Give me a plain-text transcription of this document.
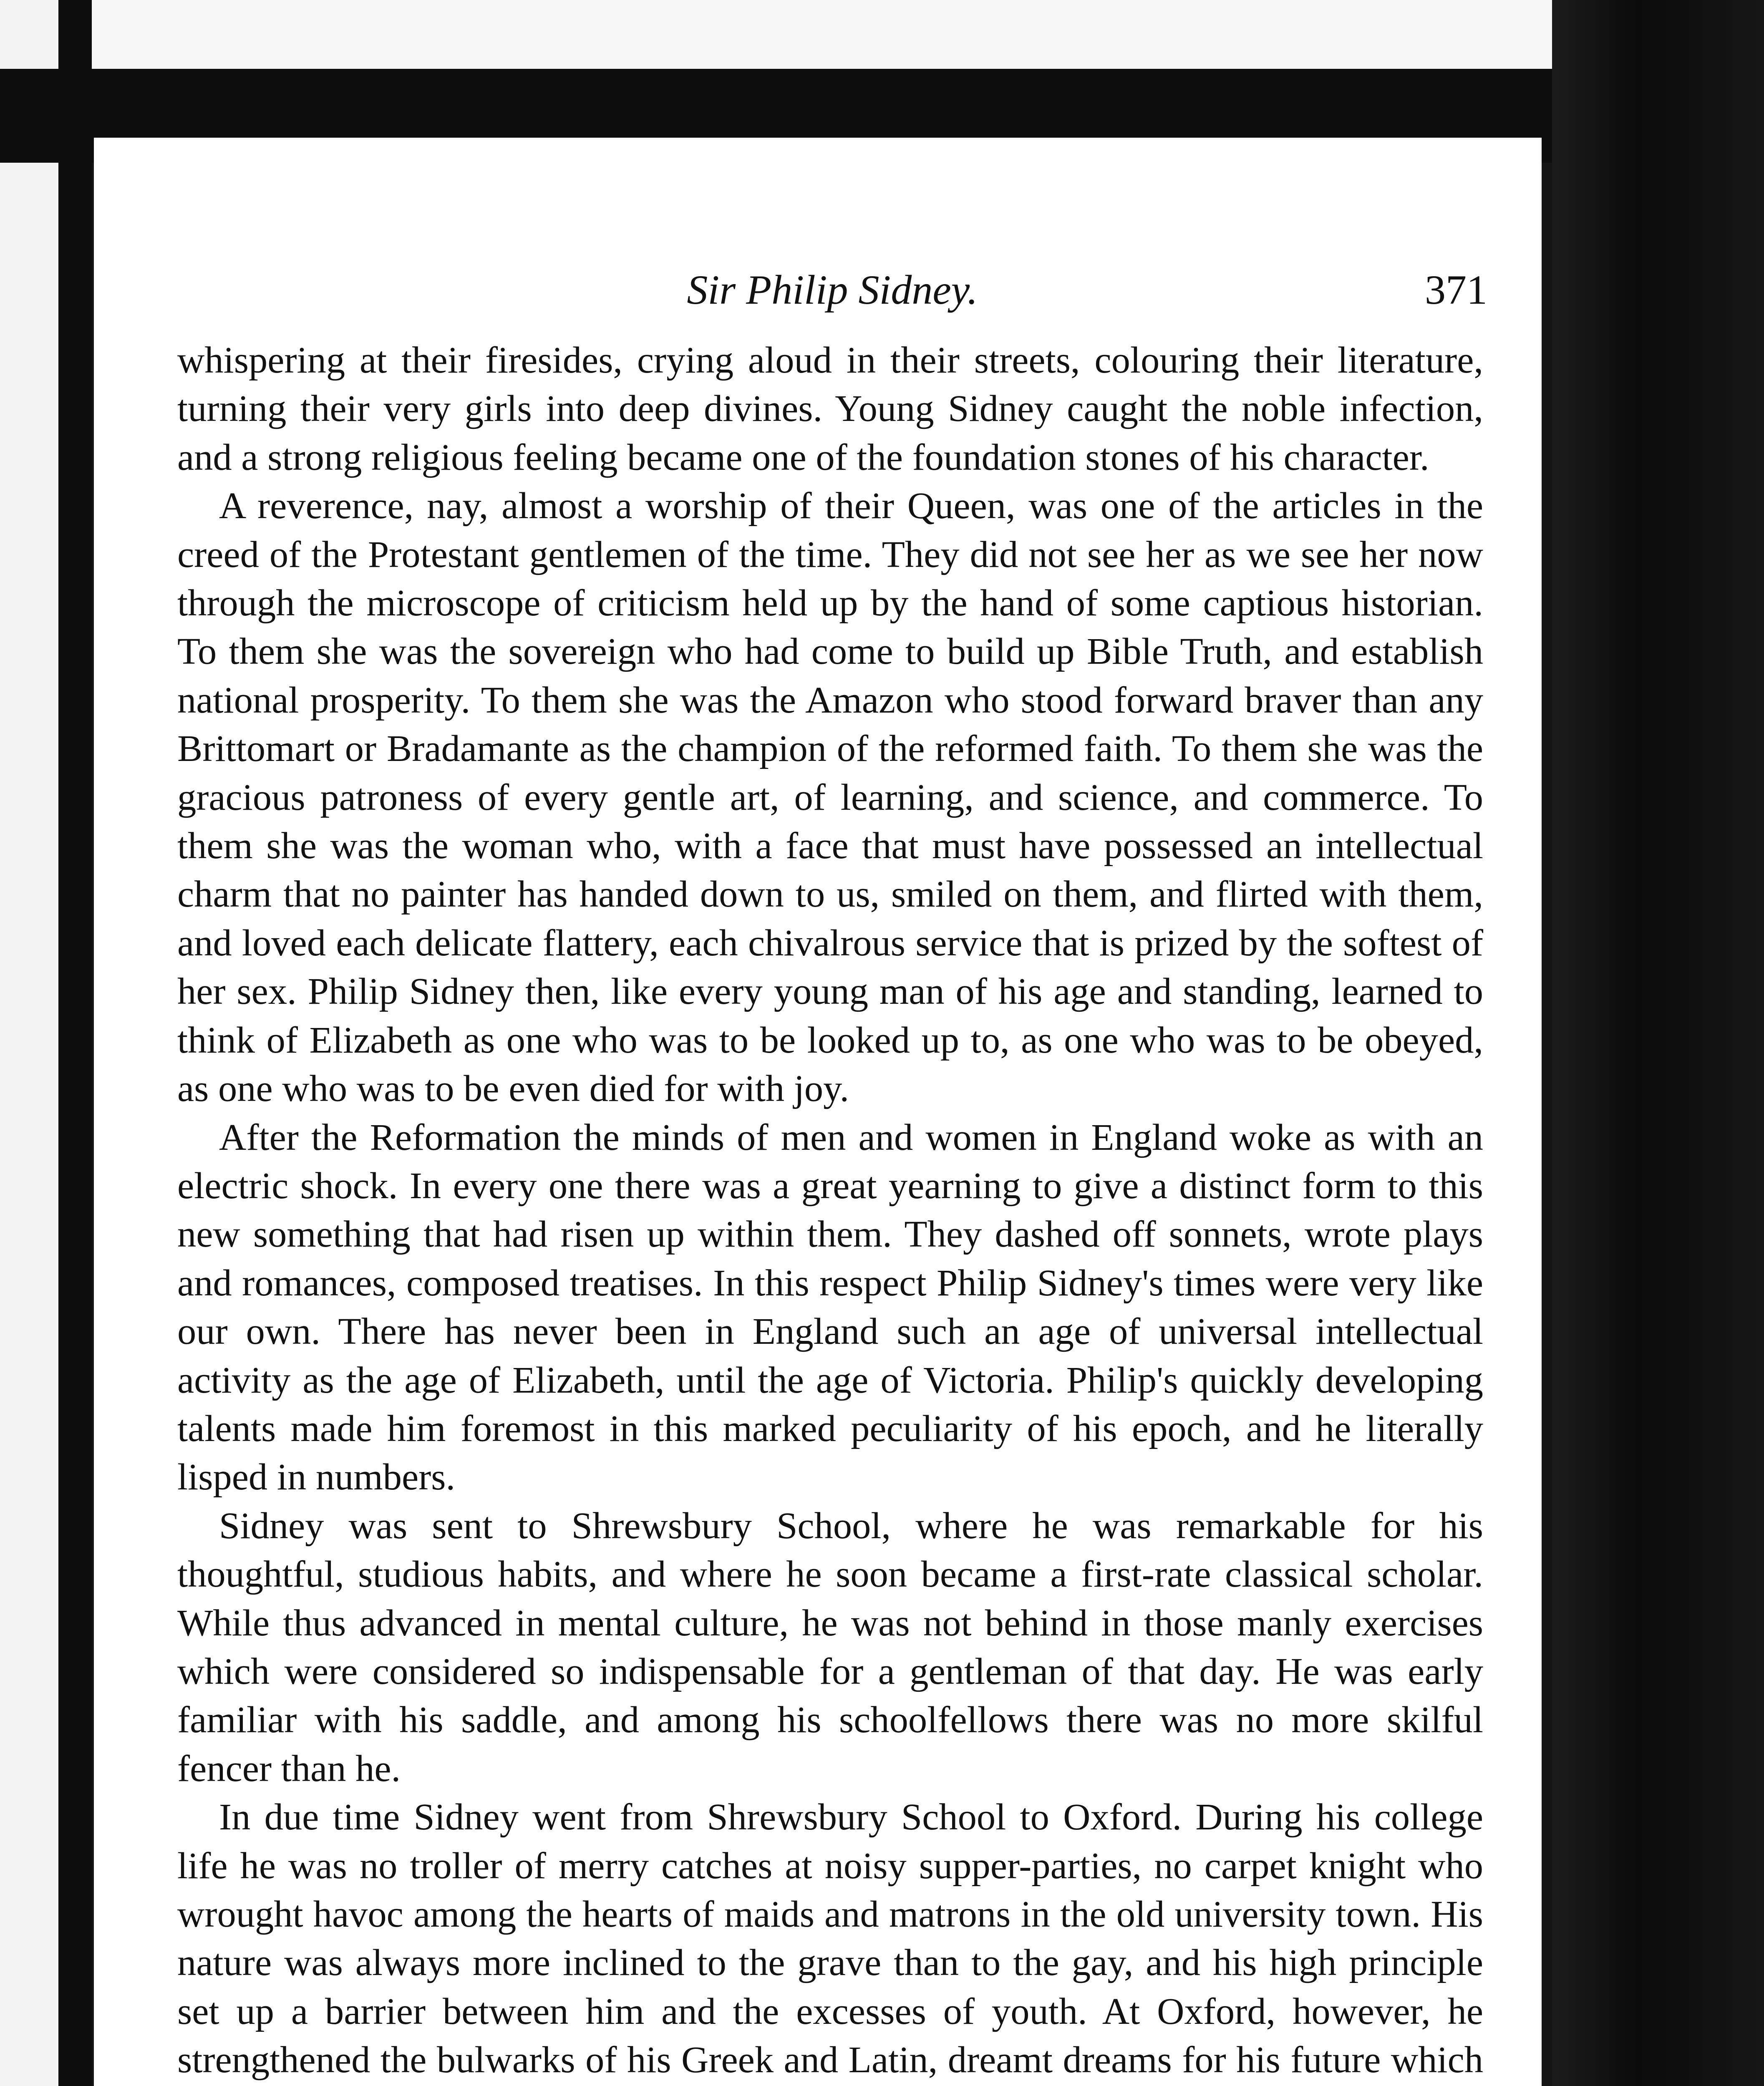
Sir Philip Sidney.	371

whispering at their firesides, crying aloud in their streets, colouring their literature, turning their very girls into deep divines. Young Sidney caught the noble infection, and a strong religious feeling became one of the foundation stones of his character.

A reverence, nay, almost a worship of their Queen, was one of the articles in the creed of the Protestant gentlemen of the time. They did not see her as we see her now through the microscope of criticism held up by the hand of some captious historian. To them she was the sovereign who had come to build up Bible Truth, and establish national prosperity. To them she was the Amazon who stood forward braver than any Brittomart or Bradamante as the champion of the reformed faith. To them she was the gracious patroness of every gentle art, of learning, and science, and commerce. To them she was the woman who, with a face that must have possessed an intellectual charm that no painter has handed down to us, smiled on them, and flirted with them, and loved each delicate flattery, each chivalrous service that is prized by the softest of her sex. Philip Sidney then, like every young man of his age and standing, learned to think of Elizabeth as one who was to be looked up to, as one who was to be obeyed, as one who was to be even died for with joy.

After the Reformation the minds of men and women in England woke as with an electric shock. In every one there was a great yearning to give a distinct form to this new something that had risen up within them. They dashed off sonnets, wrote plays and romances, composed treatises. In this respect Philip Sidney's times were very like our own. There has never been in England such an age of universal intellectual activity as the age of Elizabeth, until the age of Victoria. Philip's quickly developing talents made him foremost in this marked peculiarity of his epoch, and he literally lisped in numbers.

Sidney was sent to Shrewsbury School, where he was remarkable for his thoughtful, studious habits, and where he soon became a first-rate classical scholar. While thus advanced in mental culture, he was not behind in those manly exercises which were considered so indispensable for a gentleman of that day. He was early familiar with his saddle, and among his schoolfellows there was no more skilful fencer than he.

In due time Sidney went from Shrewsbury School to Oxford. During his college life he was no troller of merry catches at noisy supper-parties, no carpet knight who wrought havoc among the hearts of maids and matrons in the old university town. His nature was always more inclined to the grave than to the gay, and his high principle set up a barrier between him and the excesses of youth. At Oxford, however, he strengthened the bulwarks of his Greek and Latin, dreamt dreams for his future which
